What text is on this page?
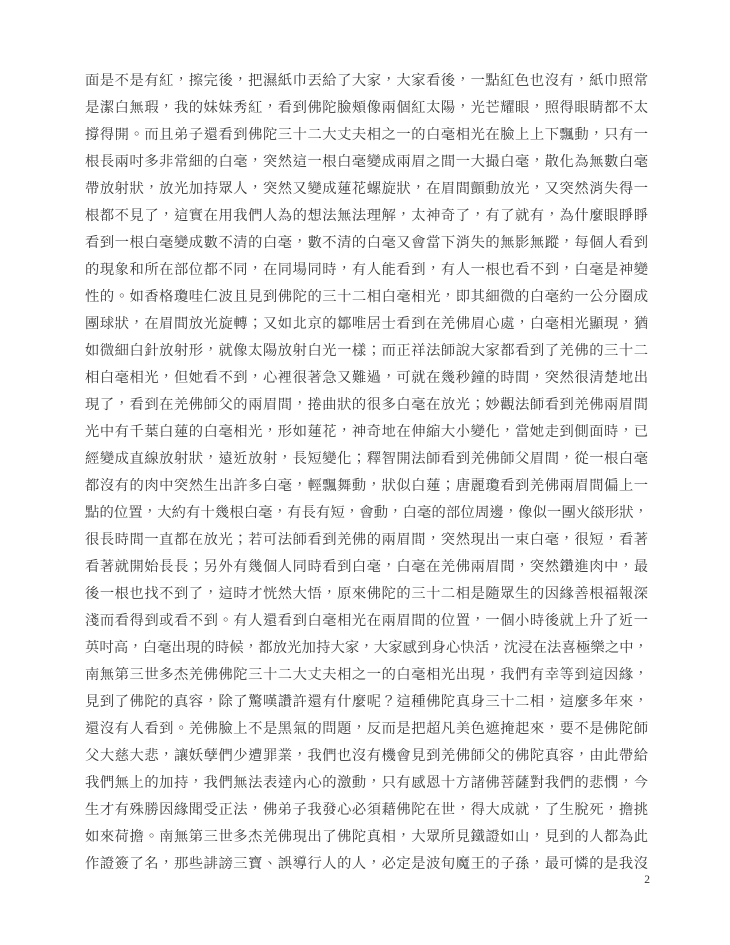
面是不是有紅，擦完後，把濕紙巾丟給了大家，大家看後，一點紅色也沒有，紙巾照常
是潔白無瑕，我的妹妹秀紅，看到佛陀臉頰像兩個紅太陽，光芒耀眼，照得眼睛都不太
撐得開。而且弟子還看到佛陀三十二大丈夫相之一的白毫相光在臉上上下飄動，只有一
根長兩吋多非常細的白毫，突然這一根白毫變成兩眉之間一大撮白毫，散化為無數白毫
帶放射狀，放光加持眾人，突然又變成蓮花螺旋狀，在眉間顫動放光，又突然消失得一
根都不見了，這實在用我們人為的想法無法理解，太神奇了，有了就有，為什麼眼睜睜
看到一根白毫變成數不清的白毫，數不清的白毫又會當下消失的無影無蹤，每個人看到
的現象和所在部位都不同，在同場同時，有人能看到，有人一根也看不到，白毫是神變
性的。如香格瓊哇仁波且見到佛陀的三十二相白毫相光，即其細微的白毫約一公分圈成
團球狀，在眉間放光旋轉；又如北京的鄒唯居士看到在羌佛眉心處，白毫相光顯現，猶
如微細白針放射形，就像太陽放射白光一樣；而正祥法師說大家都看到了羌佛的三十二
相白毫相光，但她看不到，心裡很著急又難過，可就在幾秒鐘的時間，突然很清楚地出
現了，看到在羌佛師父的兩眉間，捲曲狀的很多白毫在放光；妙觀法師看到羌佛兩眉間
光中有千葉白蓮的白毫相光，形如蓮花，神奇地在伸縮大小變化，當她走到側面時，已
經變成直線放射狀，遠近放射，長短變化；釋智開法師看到羌佛師父眉間，從一根白毫
都沒有的肉中突然生出許多白毫，輕飄舞動，狀似白蓮；唐麗瓊看到羌佛兩眉間偏上一
點的位置，大約有十幾根白毫，有長有短，會動，白毫的部位周邊，像似一團火燄形狀，
很長時間一直都在放光；若可法師看到羌佛的兩眉間，突然現出一束白毫，很短，看著
看著就開始長長；另外有幾個人同時看到白毫，白毫在羌佛兩眉間，突然鑽進肉中，最
後一根也找不到了，這時才恍然大悟，原來佛陀的三十二相是隨眾生的因緣善根福報深
淺而看得到或看不到。有人還看到白毫相光在兩眉間的位置，一個小時後就上升了近一
英吋高，白毫出現的時候，都放光加持大家，大家感到身心快活，沈浸在法喜極樂之中，
南無第三世多杰羌佛佛陀三十二大丈夫相之一的白毫相光出現，我們有幸等到這因緣，
見到了佛陀的真容，除了驚嘆讚許還有什麼呢？這種佛陀真身三十二相，這麼多年來，
還沒有人看到。羌佛臉上不是黑氣的問題，反而是把超凡美色遮掩起來，要不是佛陀師
父大慈大悲，讓妖孽們少遭罪業，我們也沒有機會見到羌佛師父的佛陀真容，由此帶給
我們無上的加持，我們無法表達內心的激動，只有感恩十方諸佛菩薩對我們的悲憫，今
生才有殊勝因緣聞受正法，佛弟子我發心必須藉佛陀在世，得大成就，了生脫死，擔挑
如來荷擔。南無第三世多杰羌佛現出了佛陀真相，大眾所見鐵證如山，見到的人都為此
作證簽了名，那些誹謗三寶、誤導行人的人，必定是波旬魔王的子孫，最可憐的是我沒
2
